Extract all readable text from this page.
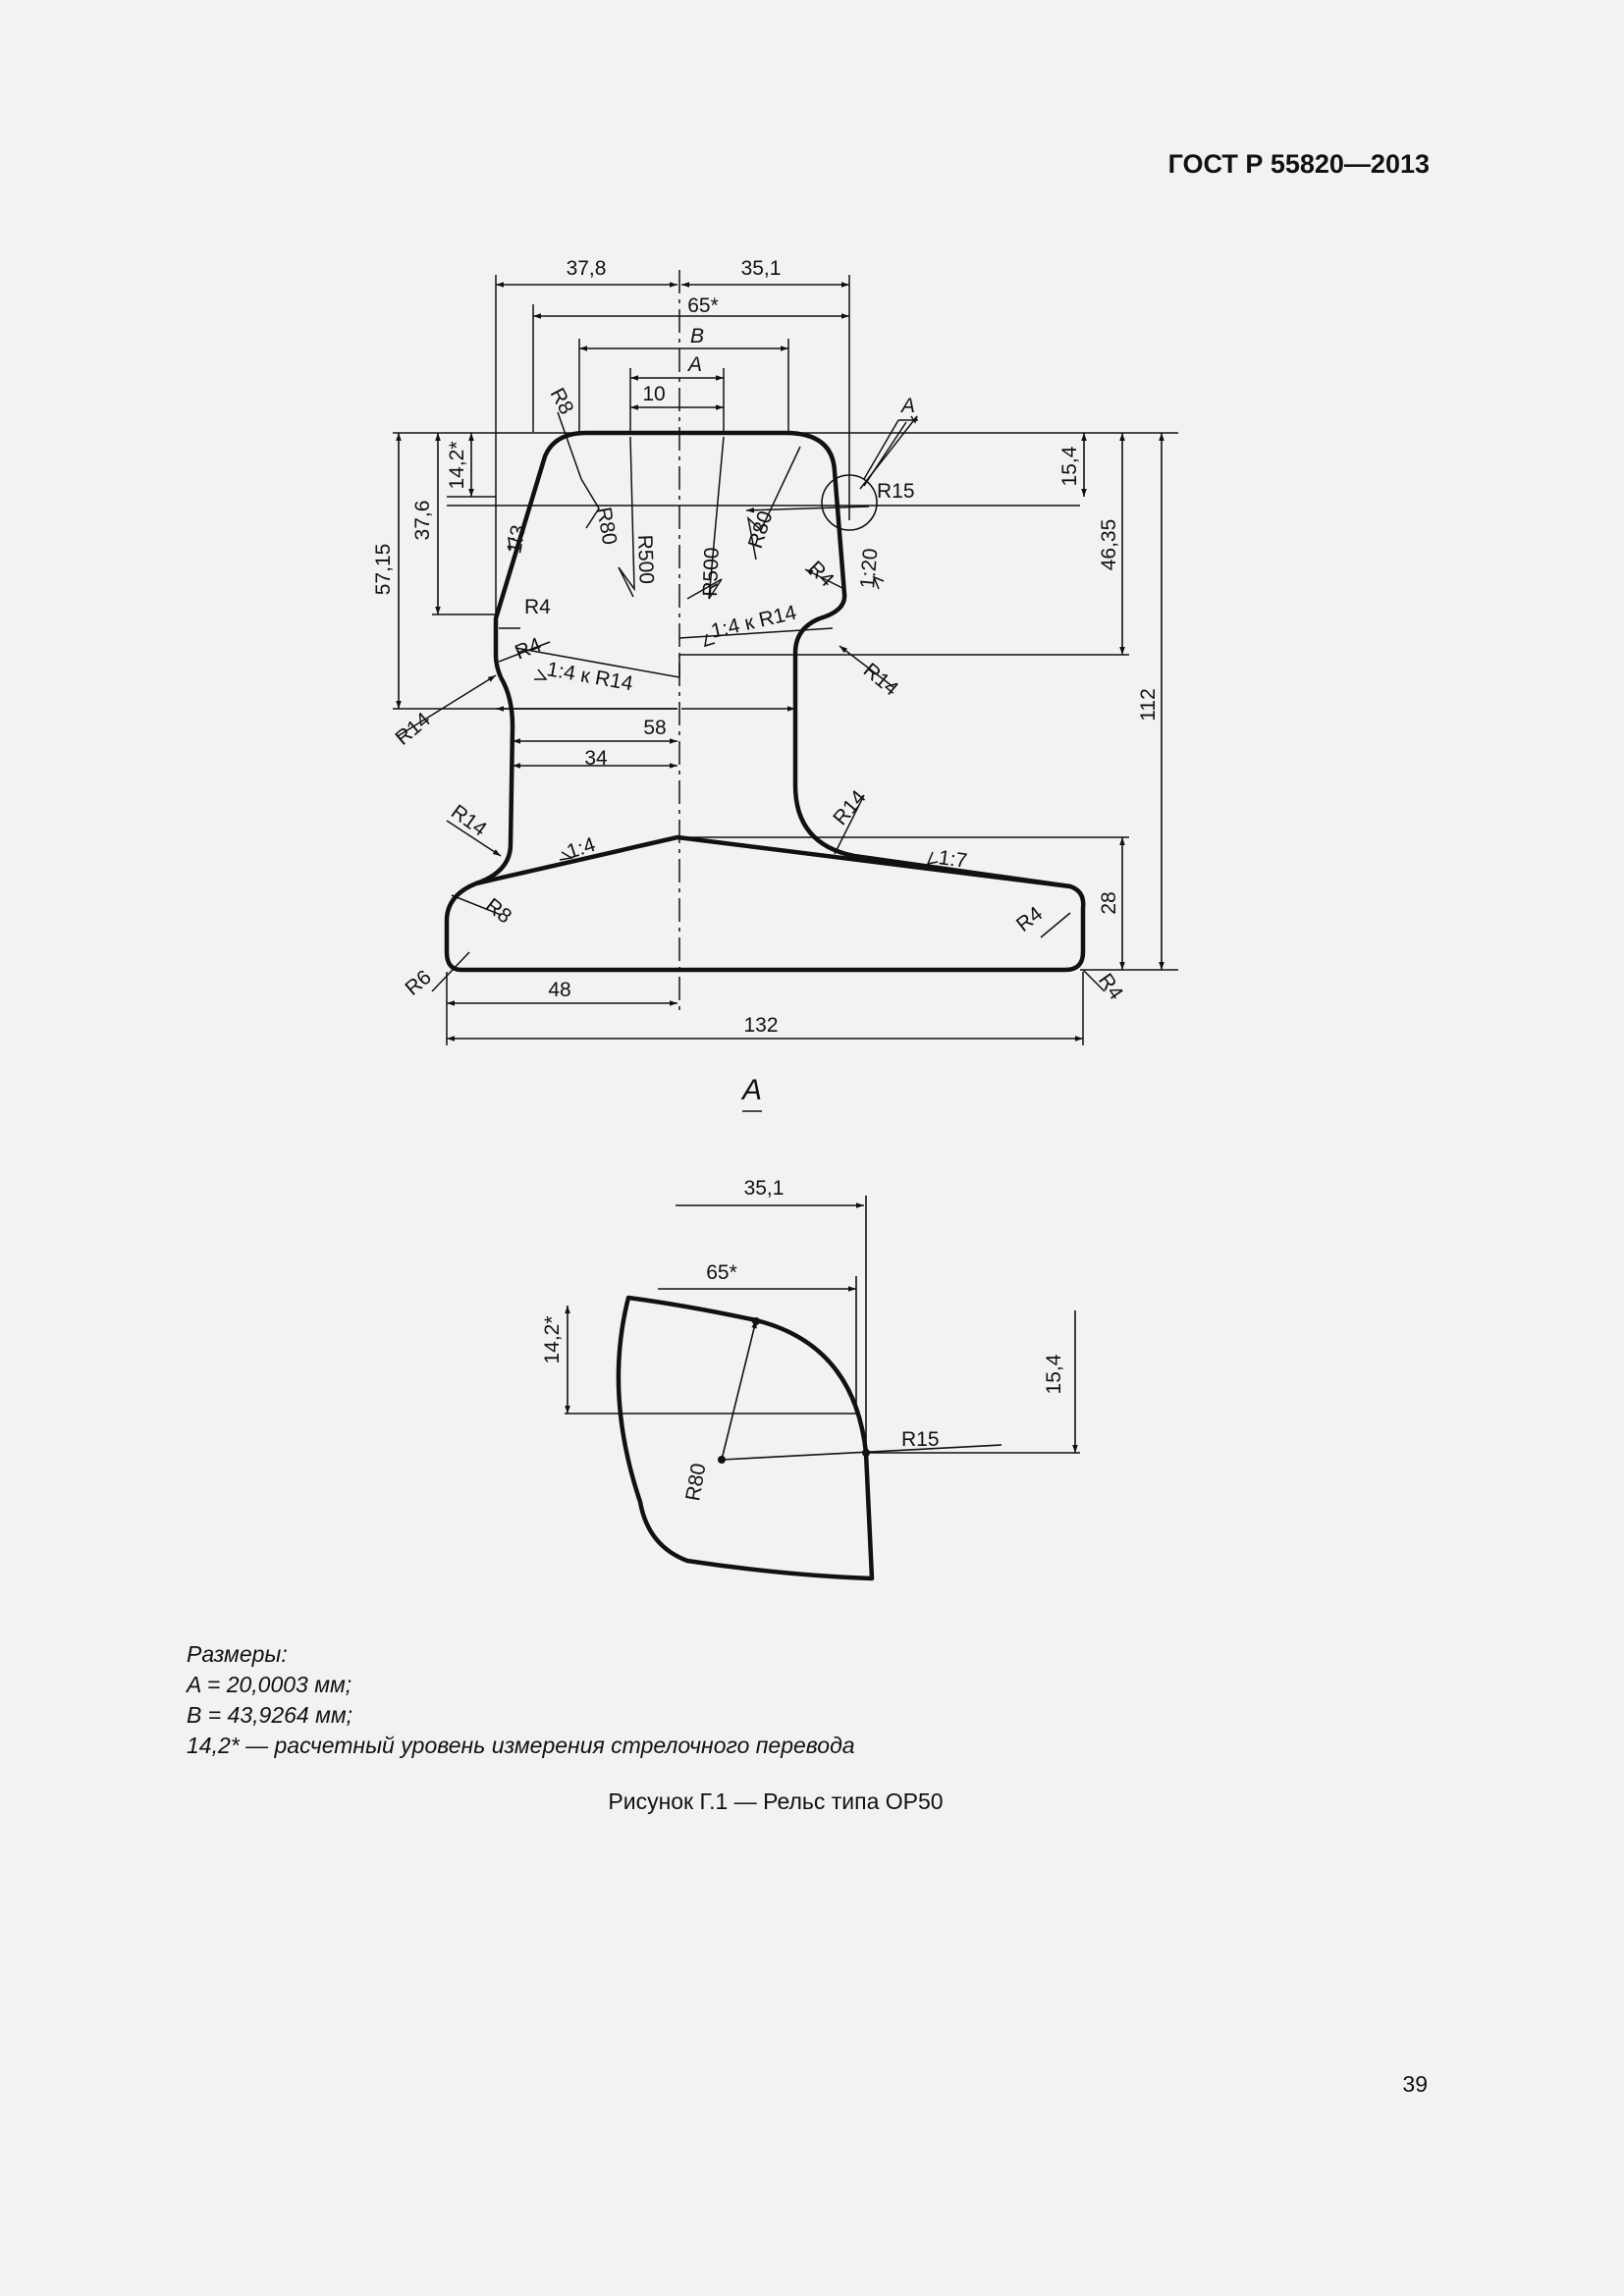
ГОСТ Р 55820—2013
37,8	35,1
65*
B
A
10
14,2*
37,6
57,15
15,4
46,35
112
58
34
28
48
132
R8
R80
R500 R500
R80
R15
A
R4 1:20
R4
R4
1:3
1:4 к R14
1:4 к R14	R14
R14
R14	R14
1:4	1:7
R8
R6
R4
R4
A
35,1
65*
14,2*
15,4
R80
R15
Размеры:
A = 20,0003 мм;
B = 43,9264 мм;
14,2* — расчетный уровень измерения стрелочного перевода
Рисунок Г.1 — Рельс типа ОР50
39
